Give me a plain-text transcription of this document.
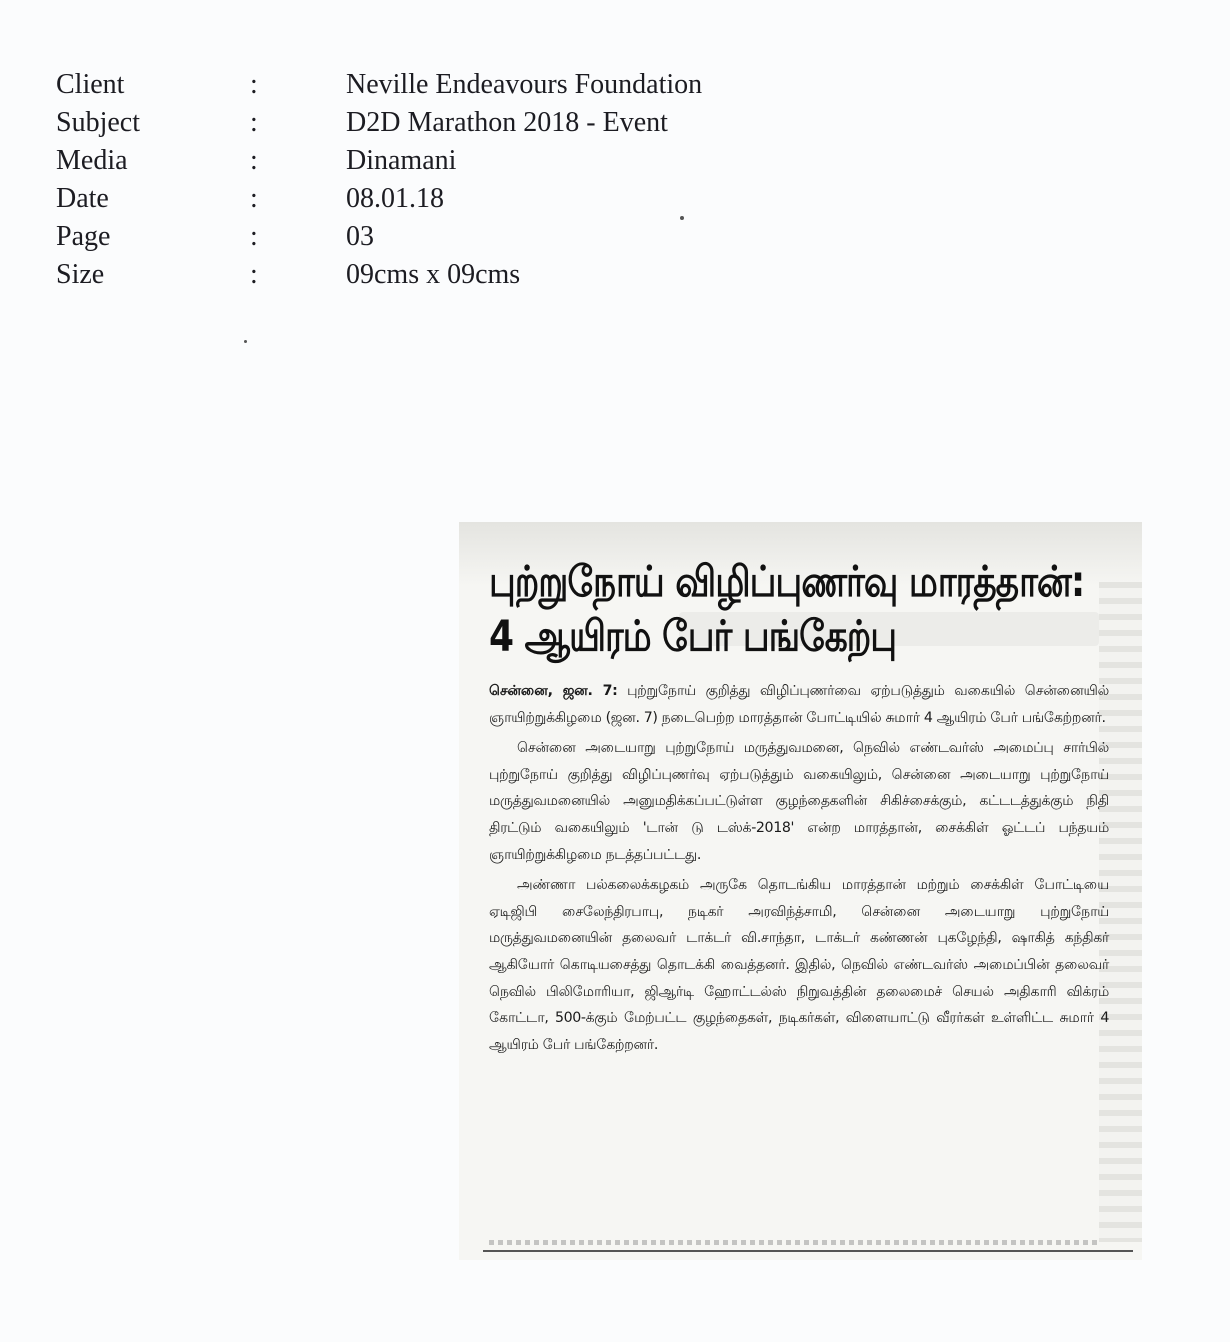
Client	:	Neville Endeavours Foundation
Subject	:	D2D Marathon 2018 - Event
Media	:	Dinamani
Date	:	08.01.18
Page	:	03
Size	:	09cms x 09cms
புற்றுநோய் விழிப்புணர்வு மாரத்தான்:
4 ஆயிரம் பேர் பங்கேற்பு

சென்னை, ஜன. 7: புற்றுநோய் குறித்து விழிப்புணர்வை ஏற்படுத்தும் வகையில் சென்னையில் ஞாயிற்றுக்கிழமை (ஜன. 7) நடைபெற்ற மாரத்தான் போட்டியில் சுமார் 4 ஆயிரம் பேர் பங்கேற்றனர்.

சென்னை அடையாறு புற்றுநோய் மருத்துவமனை, நெவில் எண்டவர்ஸ் அமைப்பு சார்பில் புற்றுநோய் குறித்து விழிப்புணர்வு ஏற்படுத்தும் வகையிலும், சென்னை அடையாறு புற்றுநோய் மருத்துவமனையில் அனுமதிக்கப்பட்டுள்ள குழந்தைகளின் சிகிச்சைக்கும், கட்டடத்துக்கும் நிதி திரட்டும் வகையிலும் 'டான் டு டஸ்க்-2018' என்ற மாரத்தான், சைக்கிள் ஓட்டப் பந்தயம் ஞாயிற்றுக்கிழமை நடத்தப்பட்டது.

அண்ணா பல்கலைக்கழகம் அருகே தொடங்கிய மாரத்தான் மற்றும் சைக்கிள் போட்டியை ஏடிஜிபி சைலேந்திரபாபு, நடிகர் அரவிந்த்சாமி, சென்னை அடையாறு புற்றுநோய் மருத்துவமனையின் தலைவர் டாக்டர் வி.சாந்தா, டாக்டர் கண்ணன் புகழேந்தி, ஷாகித் கந்திகர் ஆகியோர் கொடியசைத்து தொடக்கி வைத்தனர். இதில், நெவில் எண்டவர்ஸ் அமைப்பின் தலைவர் நெவில் பிலிமோரியா, ஜிஆர்டி ஹோட்டல்ஸ் நிறுவத்தின் தலைமைச் செயல் அதிகாரி விக்ரம் கோட்டா, 500-க்கும் மேற்பட்ட குழந்தைகள், நடிகர்கள், விளையாட்டு வீரர்கள் உள்ளிட்ட சுமார் 4 ஆயிரம் பேர் பங்கேற்றனர்.
